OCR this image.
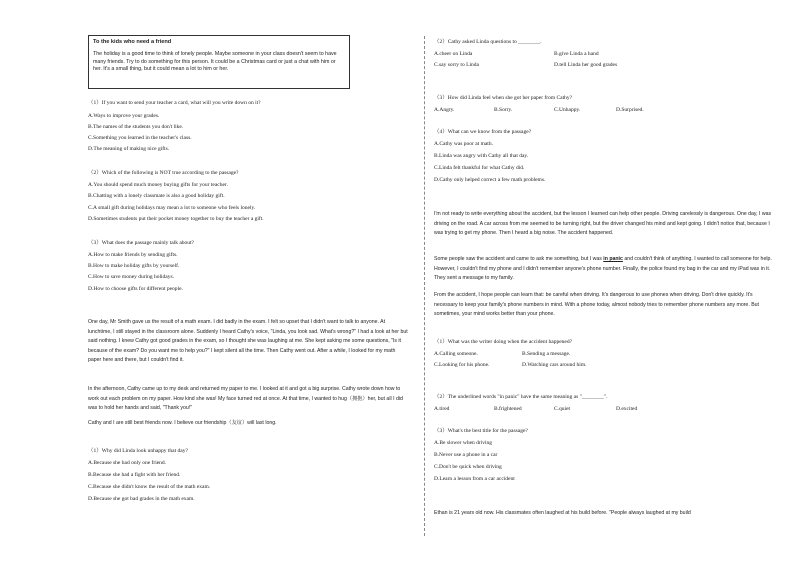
To the kids who need a friend
The holiday is a good time to think of lonely people. Maybe someone in your class doesn't seem to have many friends. Try to do something for this person. It could be a Christmas card or just a chat with him or her. It's a small thing, but it could mean a lot to him or her.
（1）If you want to send your teacher a card, what will you write down on it?
A.Ways to improve your grades.
B.The names of the students you don't like.
C.Something you learned in the teacher's class.
D.The meaning of making nice gifts.
（2）Which of the following is NOT true according to the passage?
A.You should spend much money buying gifts for your teacher.
B.Chatting with a lonely classmate is also a good holiday gift.
C.A small gift during holidays may mean a lot to someone who feels lonely.
D.Sometimes students put their pocket money together to buy the teacher a gift.
（3）What does the passage mainly talk about?
A.How to make friends by sending gifts.
B.How to make holiday gifts by yourself.
C.How to save money during holidays.
D.How to choose gifts for different people.
One day, Mr Smith gave us the result of a math exam. I did badly in the exam. I felt so upset that I didn't want to talk to anyone. At lunchtime, I still stayed in the classroom alone. Suddenly I heard Cathy's voice, "Linda, you look sad. What's wrong?" I had a look at her but said nothing. I knew Cathy got good grades in the exam, so I thought she was laughing at me. She kept asking me some questions, "Is it because of the exam? Do you want me to help you?" I kept silent all the time. Then Cathy went out. After a while, I looked for my math paper here and there, but I couldn't find it.
In the afternoon, Cathy came up to my desk and returned my paper to me. I looked at it and got a big surprise. Cathy wrote down how to work out each problem on my paper. How kind she was! My face turned red at once. At that time, I wanted to hug（拥抱）her, but all I did was to hold her hands and said, "Thank you!"
Cathy and I are still best friends now. I believe our friendship（友谊）will last long.
（1）Why did Linda look unhappy that day?
A.Because she had only one friend.
B.Because she had a fight with her friend.
C.Because she didn't know the result of the math exam.
D.Because she got bad grades in the math exam.
（2）Cathy asked Linda questions to ________.
A.cheer on Linda	B.give Linda a hand
C.say sorry to Linda	D.tell Linda her good grades
（3）How did Linda feel when she got her paper from Cathy?
A.Angry.	B.Sorry.	C.Unhappy.	D.Surprised.
（4）What can we know from the passage?
A.Cathy was poor at math.
B.Linda was angry with Cathy all that day.
C.Linda felt thankful for what Cathy did.
D.Cathy only helped correct a few math problems.
I'm not ready to write everything about the accident, but the lesson I learned can help other people. Driving carelessly is dangerous. One day, I was driving on the road. A car across from me seemed to be turning right, but the driver changed his mind and kept going. I didn't notice that, because I was trying to get my phone. Then I heard a big noise. The accident happened.
Some people saw the accident and came to ask me something, but I was in panic and couldn't think of anything. I wanted to call someone for help. However, I couldn't find my phone and I didn't remember anyone's phone number. Finally, the police found my bag in the car and my iPad was in it. They sent a message to my family.
From the accident, I hope people can learn that: be careful when driving. It's dangerous to use phones when driving. Don't drive quickly. It's necessary to keep your family's phone numbers in mind. With a phone today, almost nobody tries to remember phone numbers any more. But sometimes, your mind works better than your phone.
（1）What was the writer doing when the accident happened?
A.Calling someone.	B.Sending a message.
C.Looking for his phone.	D.Watching cars around him.
（2）The underlined words "in panic" have the same meaning as "________".
A.tired	B.frightened	C.quiet	D.excited
（3）What's the best title for the passage?
A.Be slower when driving
B.Never use a phone in a car
C.Don't be quick when driving
D.Learn a lesson from a car accident
Ethan is 21 years old now. His classmates often laughed at his build before. "People always laughed at my build
